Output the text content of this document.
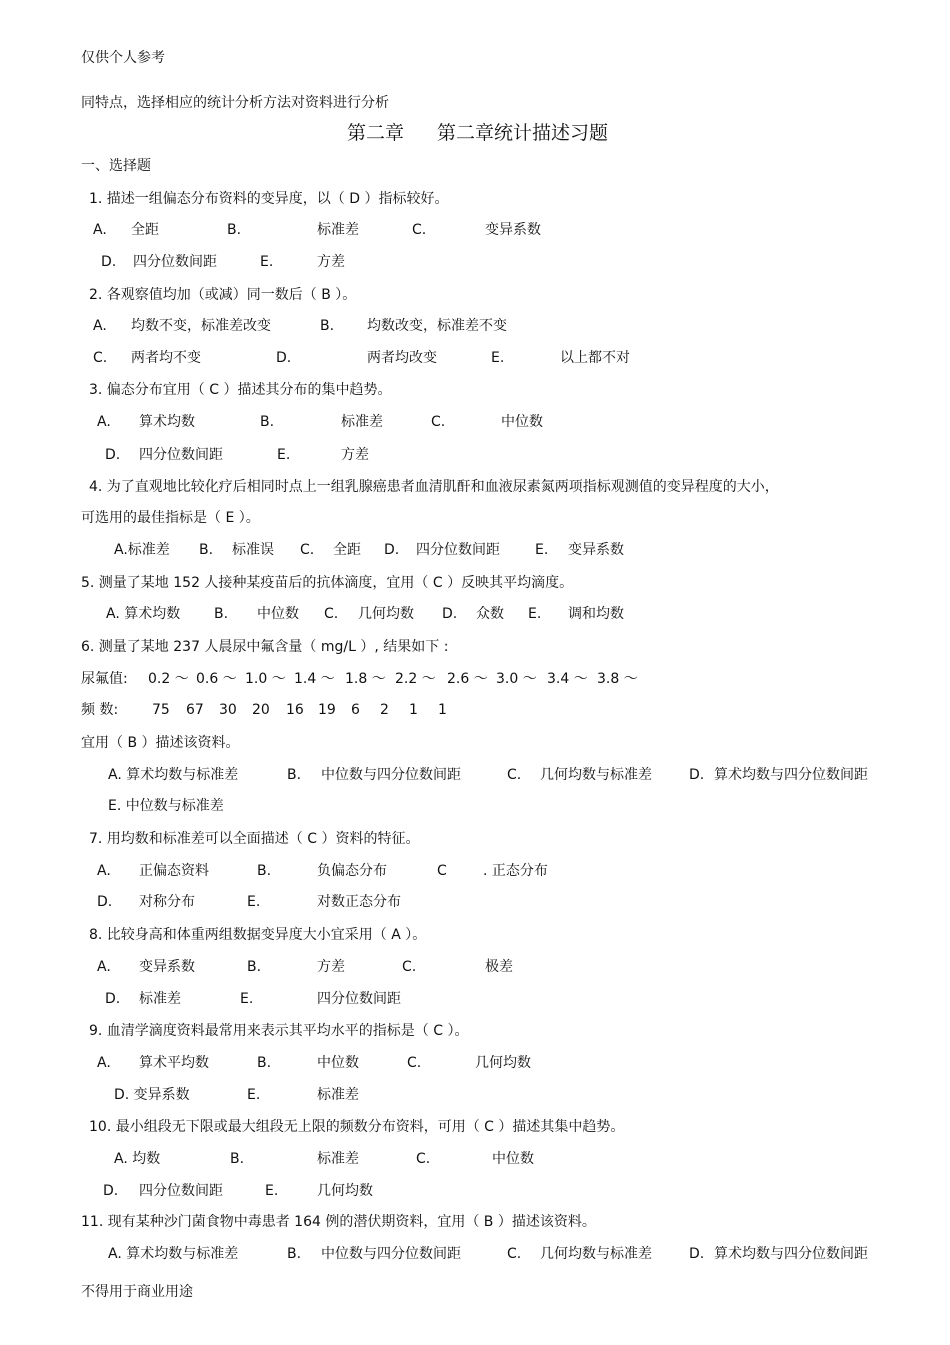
仅供个人参考
同特点，选择相应的统计分析方法对资料进行分析
第二章 第二章统计描述习题
一、选择题
1. 描述一组偏态分布资料的变异度，以（ D ）指标较好。
A. 全距	B.	标准差	C.	变异系数
D. 四分位数间距	E.	方差
2. 各观察值均加（或减）同一数后（ B ）。
A. 均数不变，标准差改变	B. 均数改变，标准差不变
C. 两者均不变	D.	两者均改变	E.	以上都不对
3. 偏态分布宜用（ C ）描述其分布的集中趋势。
A. 算术均数	B.	标准差	C.	中位数
D. 四分位数间距	E.	方差
4. 为了直观地比较化疗后相同时点上一组乳腺癌患者血清肌酐和血液尿素氮两项指标观测值的变异程度的大小，
可选用的最佳指标是（ E ）。
A.标准差 B. 标准误 C. 全距 D. 四分位数间距	E. 变异系数
5. 测量了某地 152 人接种某疫苗后的抗体滴度，宜用（ C ）反映其平均滴度。
A. 算术均数 B. 中位数 C. 几何均数 D. 众数 E. 调和均数
6. 测量了某地 237 人晨尿中氟含量（ mg/L ）, 结果如下 :
尿氟值: 0.2 ～ 0.6 ～ 1.0 ～ 1.4 ～ 1.8 ～ 2.2 ～ 2.6 ～ 3.0 ～ 3.4 ～ 3.8 ～
频 数: 75 67 30 20 16 19 6 2 1 1
宜用（ B ）描述该资料。
A. 算术均数与标准差	B. 中位数与四分位数间距	C. 几何均数与标准差	D. 算术均数与四分位数间距
E. 中位数与标准差
7. 用均数和标准差可以全面描述（ C ）资料的特征。
A. 正偏态资料	B.	负偏态分布	C	. 正态分布
D. 对称分布	E.	对数正态分布
8. 比较身高和体重两组数据变异度大小宜采用（ A ）。
A. 变异系数	B.	方差	C.	极差
D. 标准差	E.	四分位数间距
9. 血清学滴度资料最常用来表示其平均水平的指标是（ C ）。
A. 算术平均数	B.	中位数	C.	几何均数
D. 变异系数	E.	标准差
10. 最小组段无下限或最大组段无上限的频数分布资料，可用（ C ）描述其集中趋势。
A. 均数	B.	标准差	C.	中位数
D. 四分位数间距	E.	几何均数
11. 现有某种沙门菌食物中毒患者 164 例的潜伏期资料，宜用（ B ）描述该资料。
A. 算术均数与标准差	B. 中位数与四分位数间距	C. 几何均数与标准差	D. 算术均数与四分位数间距
不得用于商业用途
